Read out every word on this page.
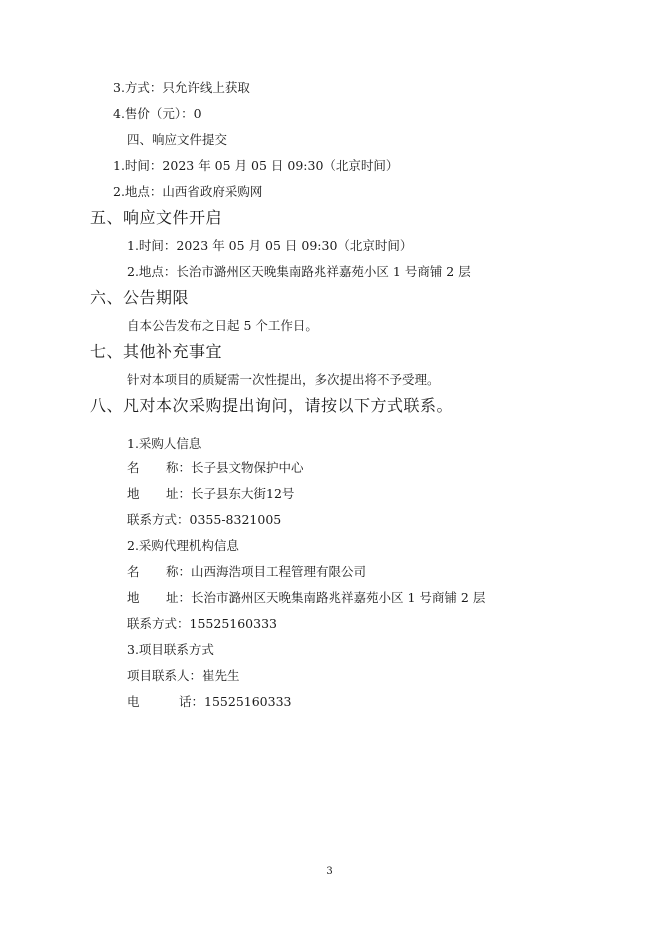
3.方式：只允许线上获取
4.售价（元）：0
四、响应文件提交
1.时间：2023 年 05 月 05 日 09:30（北京时间）
2.地点：山西省政府采购网
五、响应文件开启
1.时间：2023 年 05 月 05 日 09:30（北京时间）
2.地点：长治市潞州区天晚集南路兆祥嘉苑小区 1 号商铺 2 层
六、公告期限
自本公告发布之日起 5 个工作日。
七、其他补充事宜
针对本项目的质疑需一次性提出，多次提出将不予受理。
八、凡对本次采购提出询问，请按以下方式联系。
1.采购人信息
名 称：长子县文物保护中心
地 址：长子县东大街12号
联系方式：0355-8321005
2.采购代理机构信息
名 称：山西海浩项目工程管理有限公司
地 址：长治市潞州区天晚集南路兆祥嘉苑小区 1 号商铺 2 层
联系方式：15525160333
3.项目联系方式
项目联系人：崔先生
电	话：15525160333
3
